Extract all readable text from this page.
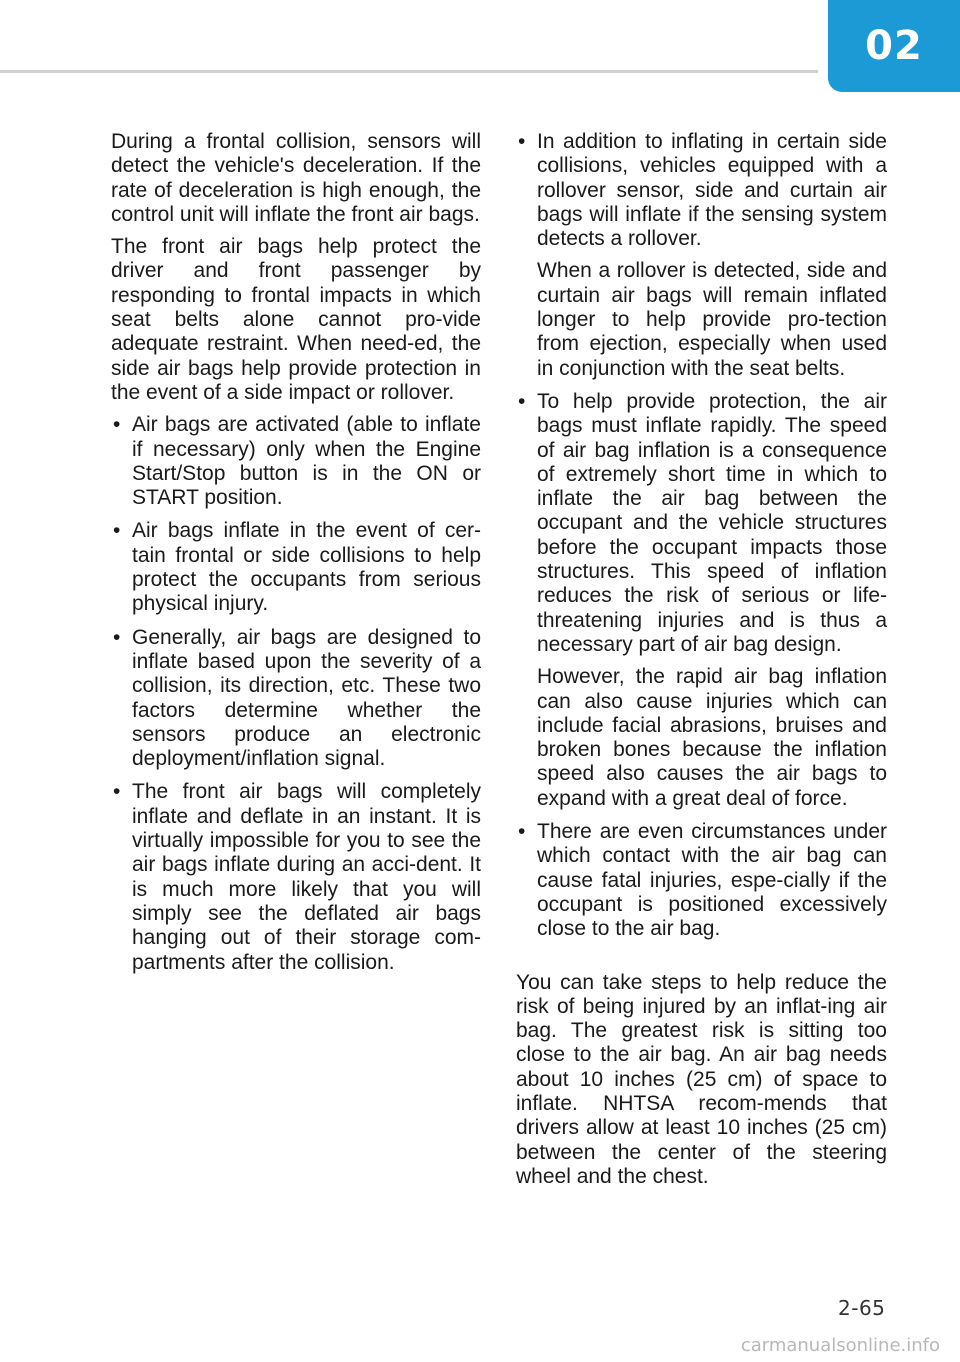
02

During a frontal collision, sensors will detect the vehicle's deceleration. If the rate of deceleration is high enough, the control unit will inflate the front air bags.

The front air bags help protect the driver and front passenger by responding to frontal impacts in which seat belts alone cannot pro-vide adequate restraint. When need-ed, the side air bags help provide protection in the event of a side impact or rollover.

• Air bags are activated (able to inflate if necessary) only when the Engine Start/Stop button is in the ON or START position.
• Air bags inflate in the event of cer-tain frontal or side collisions to help protect the occupants from serious physical injury.
• Generally, air bags are designed to inflate based upon the severity of a collision, its direction, etc. These two factors determine whether the sensors produce an electronic deployment/inflation signal.
• The front air bags will completely inflate and deflate in an instant. It is virtually impossible for you to see the air bags inflate during an acci-dent. It is much more likely that you will simply see the deflated air bags hanging out of their storage com-partments after the collision.

• In addition to inflating in certain side collisions, vehicles equipped with a rollover sensor, side and curtain air bags will inflate if the sensing system detects a rollover.

When a rollover is detected, side and curtain air bags will remain inflated longer to help provide pro-tection from ejection, especially when used in conjunction with the seat belts.

• To help provide protection, the air bags must inflate rapidly. The speed of air bag inflation is a consequence of extremely short time in which to inflate the air bag between the occupant and the vehicle structures before the occupant impacts those structures. This speed of inflation reduces the risk of serious or life-threatening injuries and is thus a necessary part of air bag design.

However, the rapid air bag inflation can also cause injuries which can include facial abrasions, bruises and broken bones because the inflation speed also causes the air bags to expand with a great deal of force.

• There are even circumstances under which contact with the air bag can cause fatal injuries, espe-cially if the occupant is positioned excessively close to the air bag.

You can take steps to help reduce the risk of being injured by an inflat-ing air bag. The greatest risk is sitting too close to the air bag. An air bag needs about 10 inches (25 cm) of space to inflate. NHTSA recom-mends that drivers allow at least 10 inches (25 cm) between the center of the steering wheel and the chest.

2-65
carmanualsonline.info
